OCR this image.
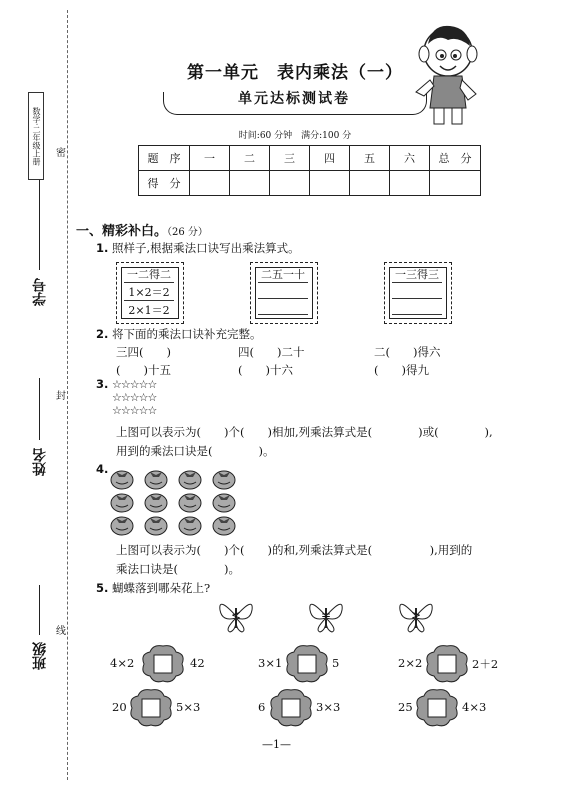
数学·二年级上册	密
封
线
学号
姓名
班级
第一单元　表内乘法（一）
单元达标测试卷
时间:60 分钟　满分:100 分
题　序	一	二	三	四	五	六	总　分
得　分							
一、精彩补白。（26 分）
1. 照样子,根据乘法口诀写出乘法算式。
一二得二
1×2＝2
2×1＝2
二五一十	一三得三
2. 将下面的乘法口诀补充完整。
三四(　　)	四(　　)二十	二(　　)得六
(　　)十五	(　　)十六	(　　)得九
3. ☆☆☆☆☆
☆☆☆☆☆
☆☆☆☆☆
上图可以表示为(　　)个(　　)相加,列乘法算式是(　　　　)或(　　　　),
用到的乘法口诀是(　　　　)。
4.
上图可以表示为(　　)个(　　)的和,列乘法算式是(　　　　　),用到的
乘法口诀是(　　　　)。
5. 蝴蝶落到哪朵花上?
<	=	>
4×2	42	3×1	5	2×2	2＋2
20	5×3	6	3×3	25	4×3
—1—
